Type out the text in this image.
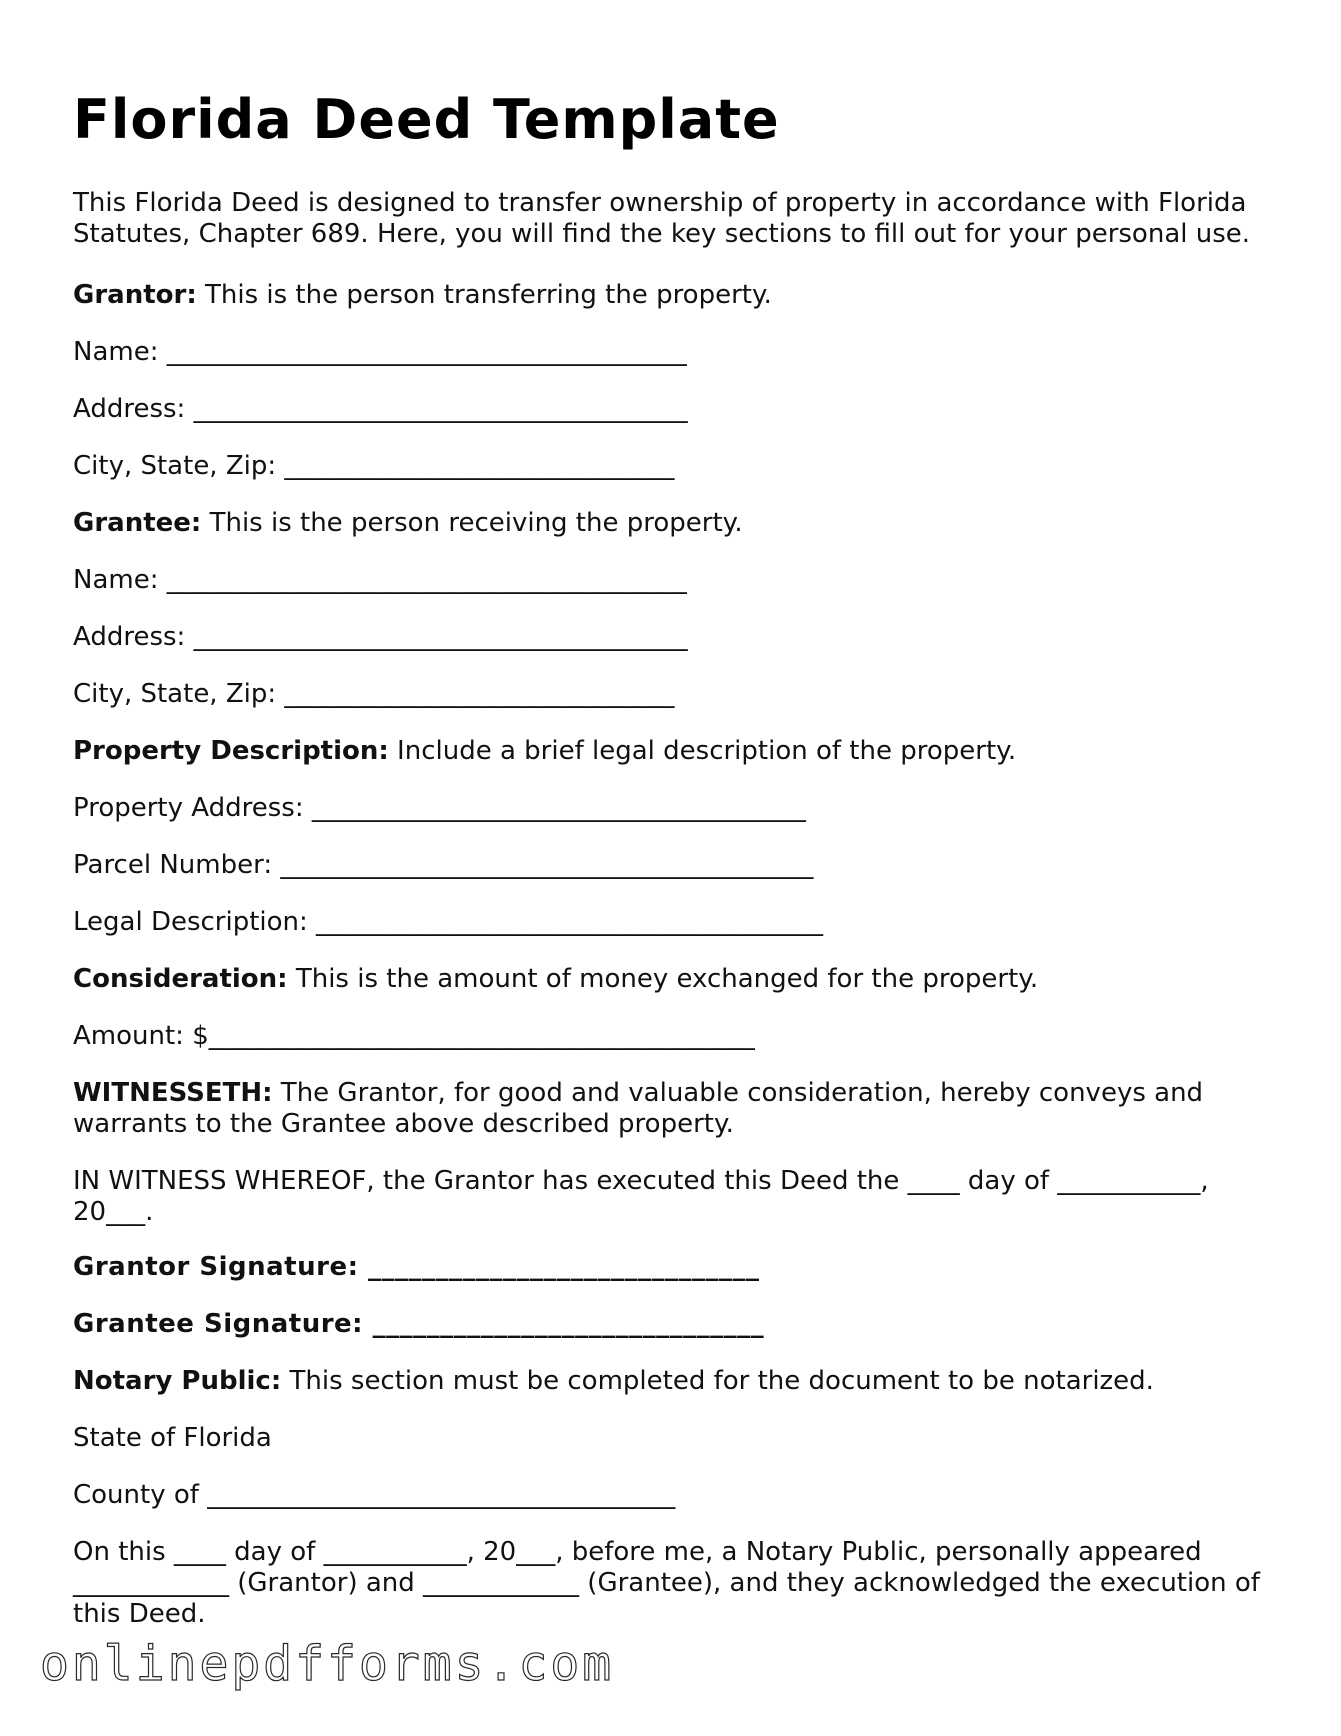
Florida Deed Template
This Florida Deed is designed to transfer ownership of property in accordance with Florida Statutes, Chapter 689. Here, you will find the key sections to fill out for your personal use.
Grantor: This is the person transferring the property.
Name: ________________________________________
Address: ______________________________________
City, State, Zip: ______________________________
Grantee: This is the person receiving the property.
Name: ________________________________________
Address: ______________________________________
City, State, Zip: ______________________________
Property Description: Include a brief legal description of the property.
Property Address: ______________________________________
Parcel Number: _________________________________________
Legal Description: _______________________________________
Consideration: This is the amount of money exchanged for the property.
Amount: $__________________________________________
WITNESSETH: The Grantor, for good and valuable consideration, hereby conveys and warrants to the Grantee above described property.
IN WITNESS WHEREOF, the Grantor has executed this Deed the ____ day of ___________, 20___.
Grantor Signature: _____________________________
Grantee Signature: _____________________________
Notary Public: This section must be completed for the document to be notarized.
State of Florida
County of ____________________________________
On this ____ day of ___________, 20___, before me, a Notary Public, personally appeared ____________ (Grantor) and ____________ (Grantee), and they acknowledged the execution of this Deed.
onlinepdfforms.com
